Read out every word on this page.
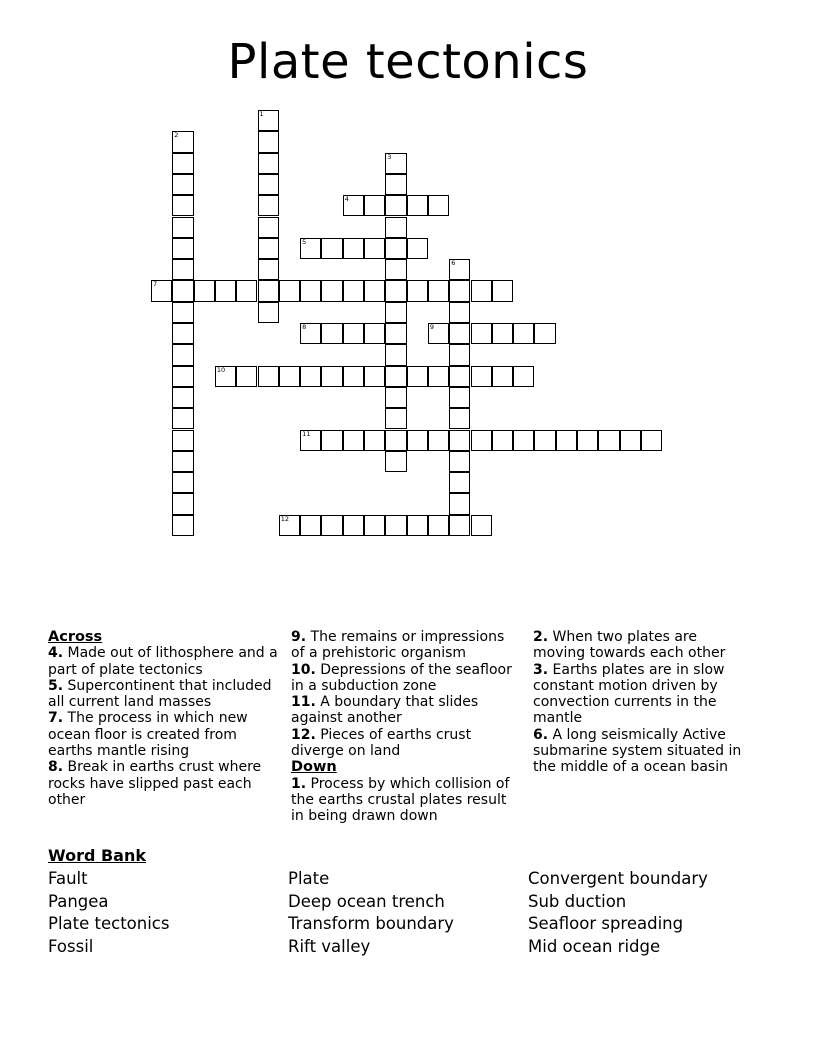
Plate tectonics
1
2
3
4
5
6
7
8	9
10
11
12

Across

4. Made out of lithosphere and a part of plate tectonics

5. Supercontinent that included all current land masses

7. The process in which new ocean floor is created from earths mantle rising

8. Break in earths crust where rocks have slipped past each other

9. The remains or impressions of a prehistoric organism

10. Depressions of the seafloor in a subduction zone

11. A boundary that slides against another

12. Pieces of earths crust diverge on land

Down

1. Process by which collision of the earths crustal plates result in being drawn down

2. When two plates are moving towards each other

3. Earths plates are in slow constant motion driven by convection currents in the mantle

6. A long seismically Active submarine system situated in the middle of a ocean basin

Word Bank
Fault
Pangea
Plate tectonics
Fossil
Plate
Deep ocean trench
Transform boundary
Rift valley
Convergent boundary
Sub duction
Seafloor spreading
Mid ocean ridge
